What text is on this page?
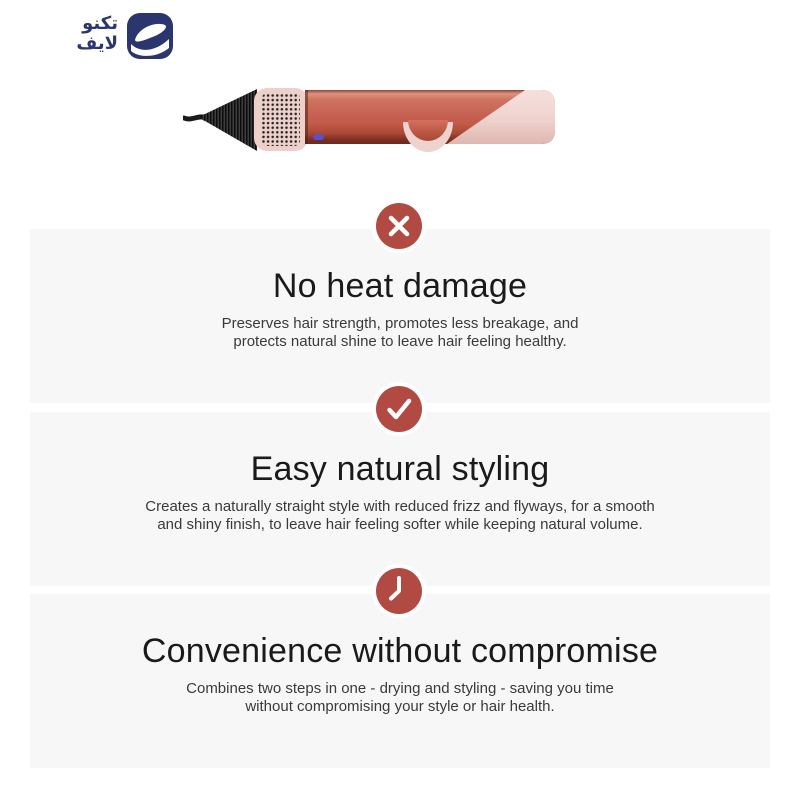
تكنو
لايف
No heat damage
Preserves hair strength, promotes less breakage, and
protects natural shine to leave hair feeling healthy.
Easy natural styling
Creates a naturally straight style with reduced frizz and flyways, for a smooth
and shiny finish, to leave hair feeling softer while keeping natural volume.
Convenience without compromise
Combines two steps in one - drying and styling - saving you time
without compromising your style or hair health.
